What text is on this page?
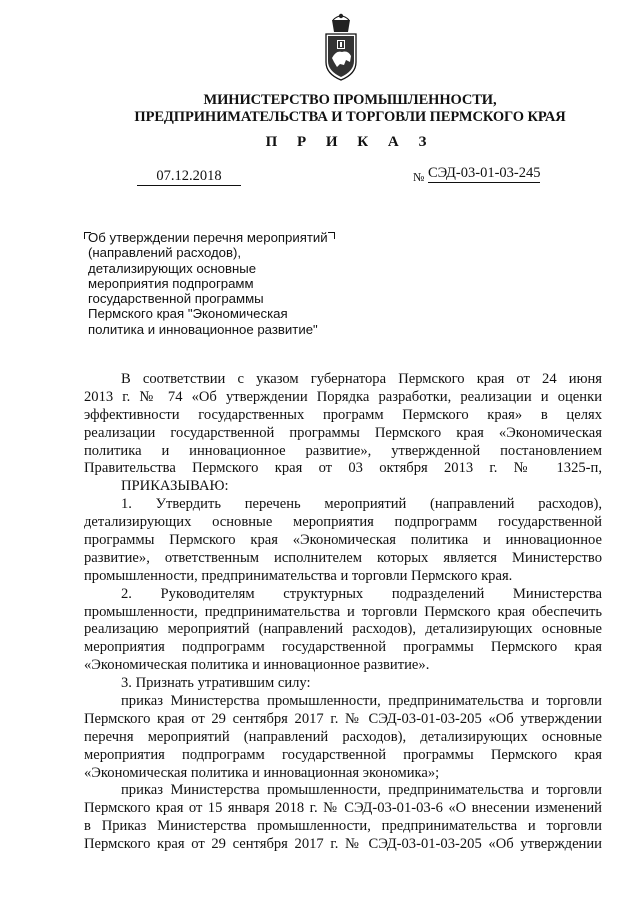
МИНИСТЕРСТВО ПРОМЫШЛЕННОСТИ,
ПРЕДПРИНИМАТЕЛЬСТВА И ТОРГОВЛИ ПЕРМСКОГО КРАЯ
П Р И К А З
07.12.2018	№ СЭД-03-01-03-245
Об утверждении перечня мероприятий
(направлений расходов),
детализирующих основные
мероприятия подпрограмм
государственной программы
Пермского края "Экономическая
политика и инновационное развитие"
В соответствии с указом губернатора Пермского края от 24 июня
2013 г. № 74 «Об утверждении Порядка разработки, реализации и оценки
эффективности государственных программ Пермского края» в целях
реализации государственной программы Пермского края «Экономическая
политика и инновационное развитие», утвержденной постановлением
Правительства Пермского края от 03 октября 2013 г. № 1325-п,
ПРИКАЗЫВАЮ:
1. Утвердить перечень мероприятий (направлений расходов),
детализирующих основные мероприятия подпрограмм государственной
программы Пермского края «Экономическая политика и инновационное
развитие», ответственным исполнителем которых является Министерство
промышленности, предпринимательства и торговли Пермского края.
2. Руководителям структурных подразделений Министерства
промышленности, предпринимательства и торговли Пермского края обеспечить
реализацию мероприятий (направлений расходов), детализирующих основные
мероприятия подпрограмм государственной программы Пермского края
«Экономическая политика и инновационное развитие».
3. Признать утратившим силу:
приказ Министерства промышленности, предпринимательства и торговли
Пермского края от 29 сентября 2017 г. № СЭД-03-01-03-205 «Об утверждении
перечня мероприятий (направлений расходов), детализирующих основные
мероприятия подпрограмм государственной программы Пермского края
«Экономическая политика и инновационная экономика»;
приказ Министерства промышленности, предпринимательства и торговли
Пермского края от 15 января 2018 г. № СЭД-03-01-03-6 «О внесении изменений
в Приказ Министерства промышленности, предпринимательства и торговли
Пермского края от 29 сентября 2017 г. № СЭД-03-01-03-205 «Об утверждении
